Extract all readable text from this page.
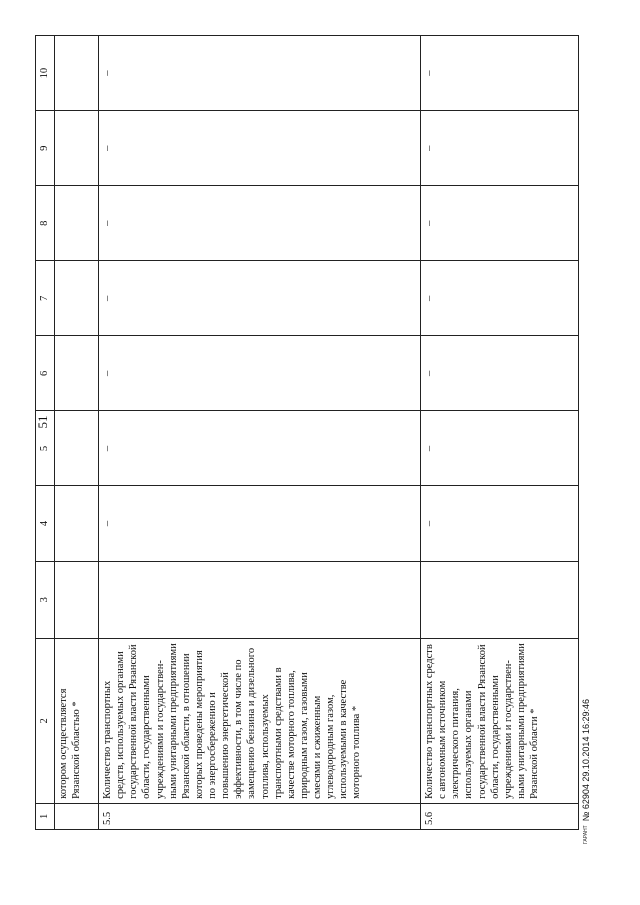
51
1	2	3	4	5	6	7	8	9	10
	котором осуществляется Рязанской областью *								
5.5	Количество транспортных средств, используемых органами государственной власти Рязанской области, государственными учреждениями и государствен-ными унитарными предприятиями Рязанской области, в отношении которых проведены мероприятия по энергосбережению и повышению энергетической эффективности, в том числе по замещению бензина и дизельного топлива, используемых транспортными средствами в качестве моторного топлива, природным газом, газовыми смесями и сжиженным углеводородным газом, используемыми в качестве моторного топлива *		–	–	–	–	–	–	–
5.6	Количество транспортных средств с автономным источником электрического питания, используемых органами государственной власти Рязанской области, государственными учреждениями и государствен-ными унитарными предприятиями Рязанской области *		–	–	–	–	–	–	–
ГАРАНТ№ 62904 29.10.2014 16:29:46
